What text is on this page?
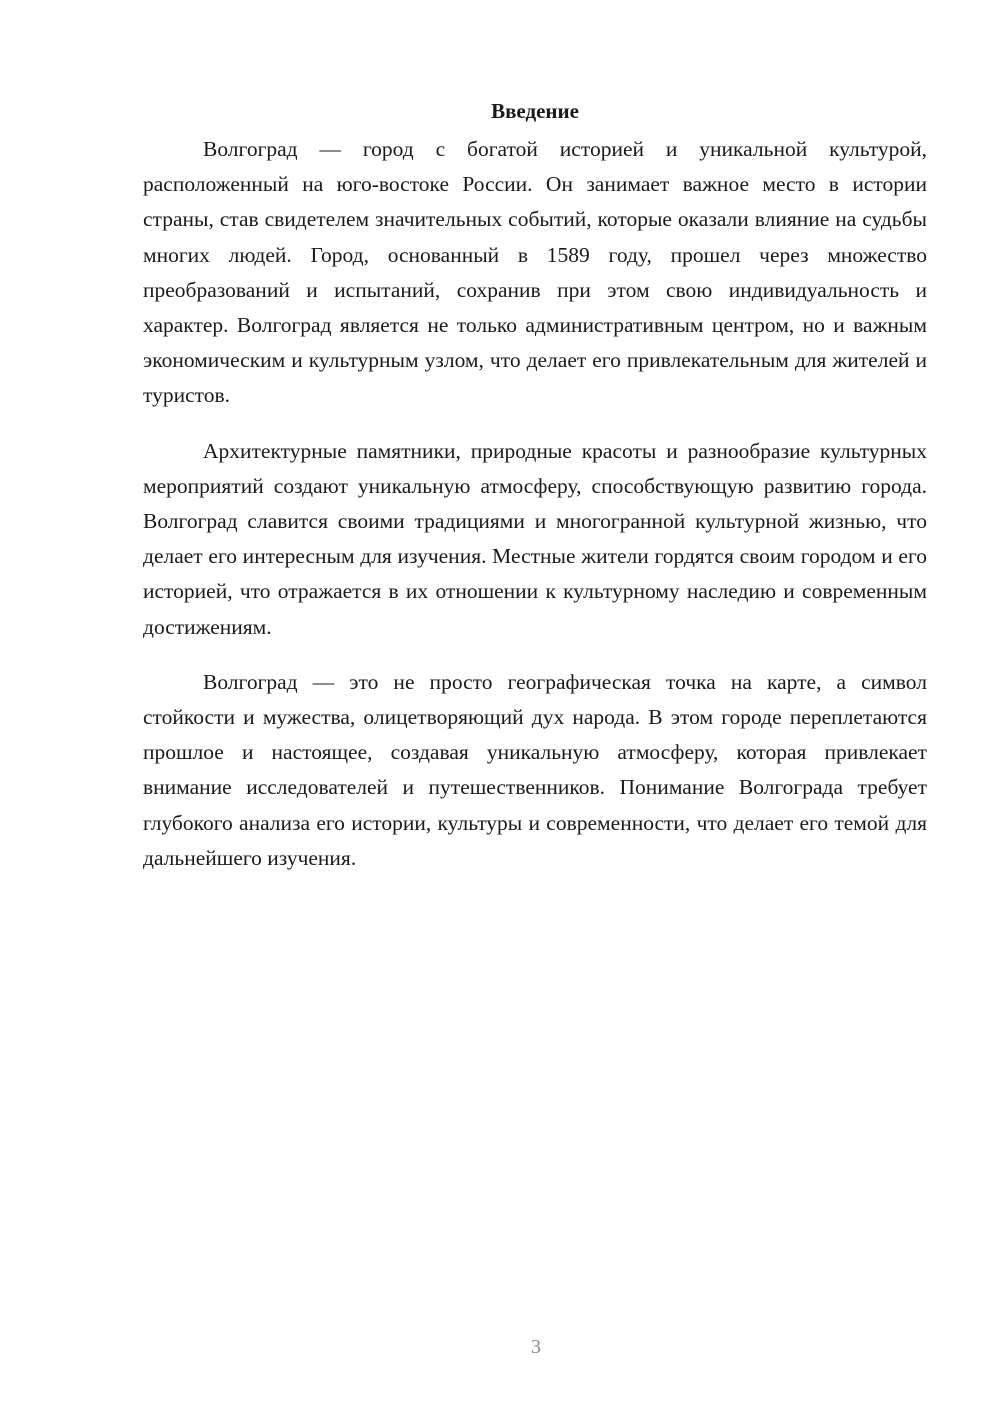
Введение

Волгоград — город с богатой историей и уникальной культурой, расположенный на юго-востоке России. Он занимает важное место в истории страны, став свидетелем значительных событий, которые оказали влияние на судьбы многих людей. Город, основанный в 1589 году, прошел через множество преобразований и испытаний, сохранив при этом свою индивидуальность и характер. Волгоград является не только административным центром, но и важным экономическим и культурным узлом, что делает его привлекательным для жителей и туристов.

Архитектурные памятники, природные красоты и разнообразие культурных мероприятий создают уникальную атмосферу, способствующую развитию города. Волгоград славится своими традициями и многогранной культурной жизнью, что делает его интересным для изучения. Местные жители гордятся своим городом и его историей, что отражается в их отношении к культурному наследию и современным достижениям.

Волгоград — это не просто географическая точка на карте, а символ стойкости и мужества, олицетворяющий дух народа. В этом городе переплетаются прошлое и настоящее, создавая уникальную атмосферу, которая привлекает внимание исследователей и путешественников. Понимание Волгограда требует глубокого анализа его истории, культуры и современности, что делает его темой для дальнейшего изучения.

3
